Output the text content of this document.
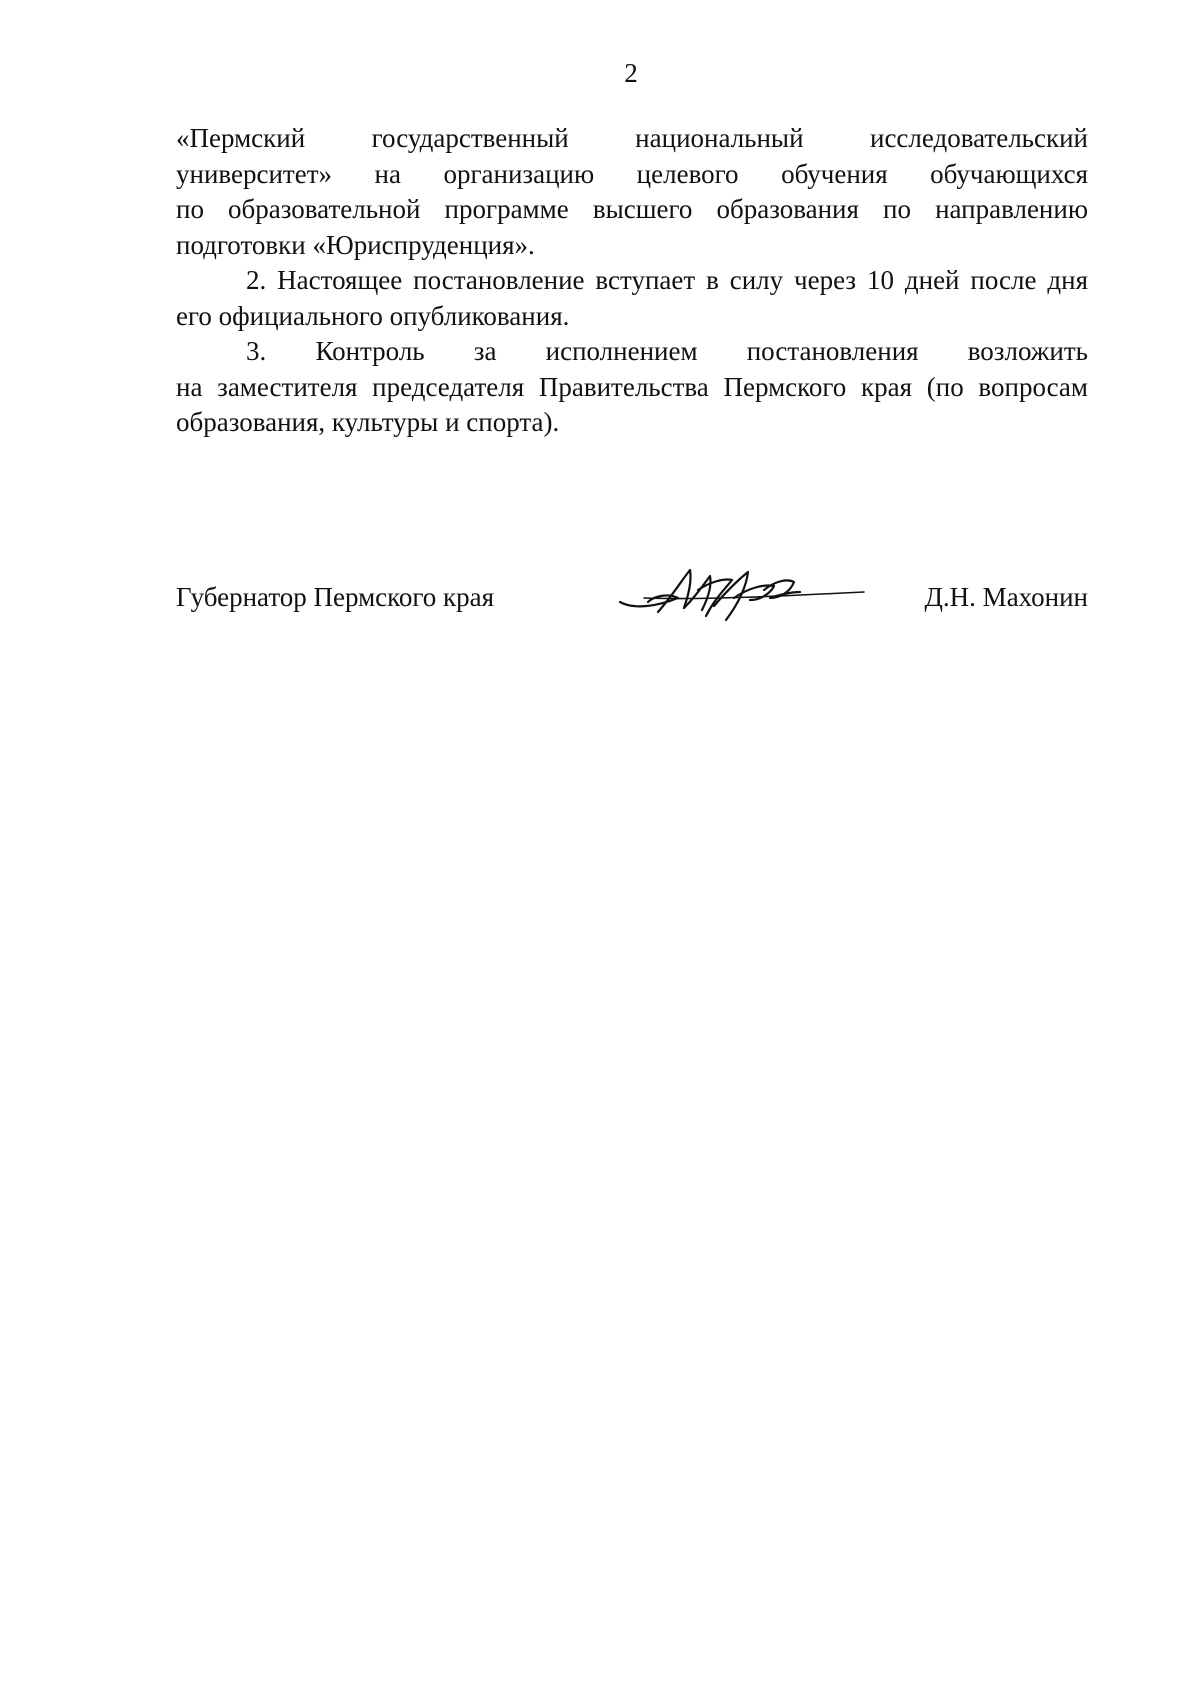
2

«Пермский государственный национальный исследовательский
университет» на организацию целевого обучения обучающихся
по образовательной программе высшего образования по направлению подготовки «Юриспруденция».

2. Настоящее постановление вступает в силу через 10 дней после дня его официального опубликования.

3. Контроль за исполнением постановления возложить
на заместителя председателя Правительства Пермского края (по вопросам образования, культуры и спорта).

Губернатор Пермского края	Д.Н. Махонин
